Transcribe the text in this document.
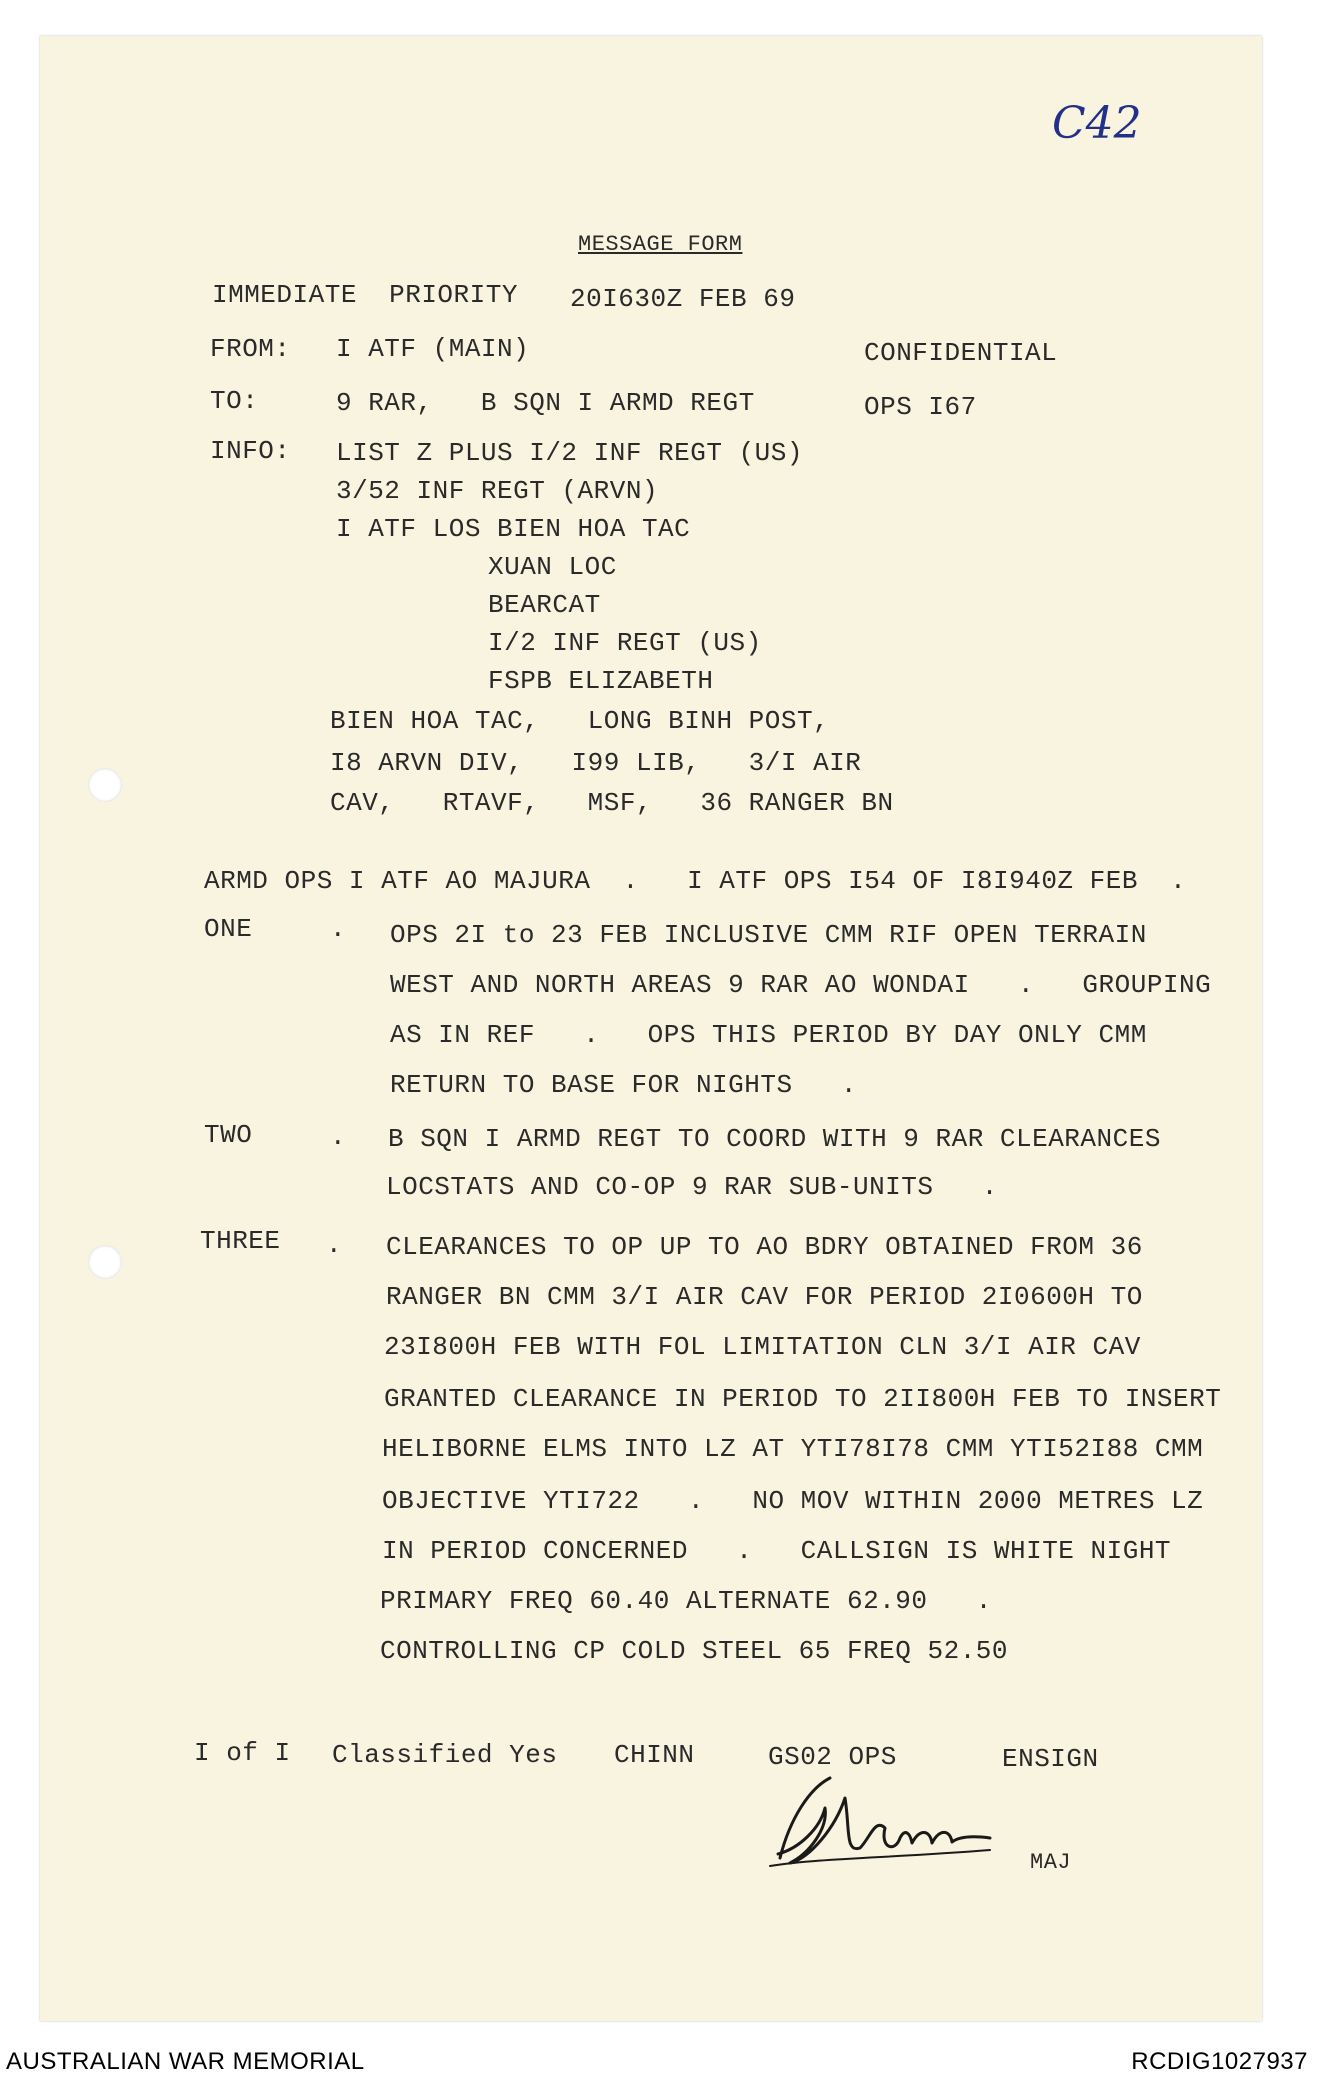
C42
MESSAGE FORM
IMMEDIATE  PRIORITY 20I630Z FEB 69
FROM: I ATF (MAIN)	CONFIDENTIAL
TO:	9 RAR,   B SQN I ARMD REGT	OPS I67
INFO: LIST Z PLUS I/2 INF REGT (US)
3/52 INF REGT (ARVN)
I ATF LOS BIEN HOA TAC
XUAN LOC
BEARCAT
I/2 INF REGT (US)
FSPB ELIZABETH
BIEN HOA TAC,   LONG BINH POST,
I8 ARVN DIV,   I99 LIB,   3/I AIR
CAV,   RTAVF,   MSF,   36 RANGER BN
ARMD OPS I ATF AO MAJURA  .   I ATF OPS I54 OF I8I940Z FEB  .
ONE	. OPS 2I to 23 FEB INCLUSIVE CMM RIF OPEN TERRAIN
WEST AND NORTH AREAS 9 RAR AO WONDAI   .   GROUPING
AS IN REF   .   OPS THIS PERIOD BY DAY ONLY CMM
RETURN TO BASE FOR NIGHTS   .
TWO	. B SQN I ARMD REGT TO COORD WITH 9 RAR CLEARANCES
LOCSTATS AND CO-OP 9 RAR SUB-UNITS   .
THREE . CLEARANCES TO OP UP TO AO BDRY OBTAINED FROM 36
RANGER BN CMM 3/I AIR CAV FOR PERIOD 2I0600H TO
23I800H FEB WITH FOL LIMITATION CLN 3/I AIR CAV
GRANTED CLEARANCE IN PERIOD TO 2II800H FEB TO INSERT
HELIBORNE ELMS INTO LZ AT YTI78I78 CMM YTI52I88 CMM
OBJECTIVE YTI722   .   NO MOV WITHIN 2000 METRES LZ
IN PERIOD CONCERNED   .   CALLSIGN IS WHITE NIGHT
PRIMARY FREQ 60.40 ALTERNATE 62.90   .
CONTROLLING CP COLD STEEL 65 FREQ 52.50
I of I Classified Yes CHINN	GS02 OPS	ENSIGN
MAJ
AUSTRALIAN WAR MEMORIAL	RCDIG1027937
